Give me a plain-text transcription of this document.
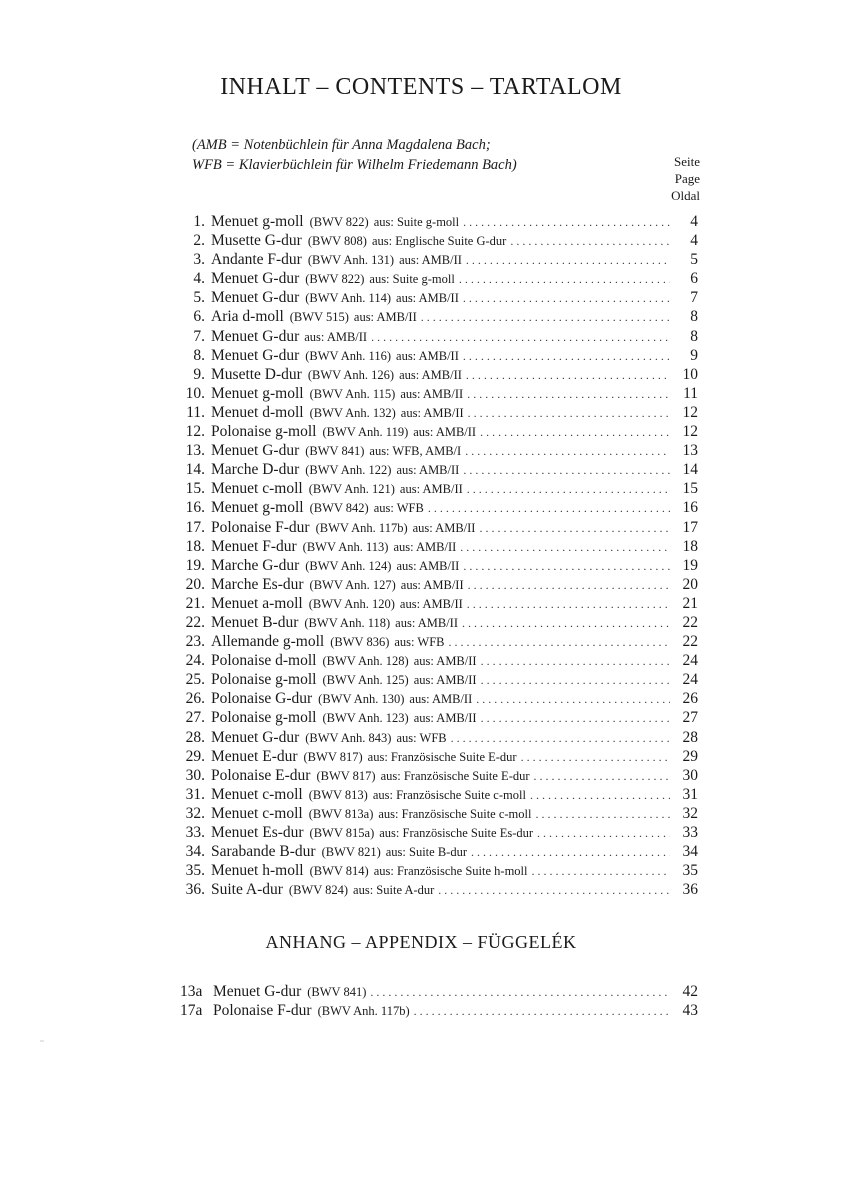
INHALT – CONTENTS – TARTALOM
(AMB = Notenbüchlein für Anna Magdalena Bach;
WFB = Klavierbüchlein für Wilhelm Friedemann Bach)	Seite
Page
Oldal
1. Menuet g-moll (BWV 822) aus: Suite g-moll .....	4
2. Musette G-dur (BWV 808) aus: Englische Suite G-dur .....	4
3. Andante F-dur (BWV Anh. 131) aus: AMB/II .....	5
4. Menuet G-dur (BWV 822) aus: Suite g-moll .....	6
5. Menuet G-dur (BWV Anh. 114) aus: AMB/II .....	7
6. Aria d-moll (BWV 515) aus: AMB/II .....	8
7. Menuet G-dur aus: AMB/II .....	8
8. Menuet G-dur (BWV Anh. 116) aus: AMB/II .....	9
9. Musette D-dur (BWV Anh. 126) aus: AMB/II .....	10
10. Menuet g-moll (BWV Anh. 115) aus: AMB/II .....	11
11. Menuet d-moll (BWV Anh. 132) aus: AMB/II .....	12
12. Polonaise g-moll (BWV Anh. 119) aus: AMB/II .....	12
13. Menuet G-dur (BWV 841) aus: WFB, AMB/I .....	13
14. Marche D-dur (BWV Anh. 122) aus: AMB/II .....	14
15. Menuet c-moll (BWV Anh. 121) aus: AMB/II .....	15
16. Menuet g-moll (BWV 842) aus: WFB .....	16
17. Polonaise F-dur (BWV Anh. 117b) aus: AMB/II .....	17
18. Menuet F-dur (BWV Anh. 113) aus: AMB/II .....	18
19. Marche G-dur (BWV Anh. 124) aus: AMB/II .....	19
20. Marche Es-dur (BWV Anh. 127) aus: AMB/II .....	20
21. Menuet a-moll (BWV Anh. 120) aus: AMB/II .....	21
22. Menuet B-dur (BWV Anh. 118) aus: AMB/II .....	22
23. Allemande g-moll (BWV 836) aus: WFB .....	22
24. Polonaise d-moll (BWV Anh. 128) aus: AMB/II .....	24
25. Polonaise g-moll (BWV Anh. 125) aus: AMB/II .....	24
26. Polonaise G-dur (BWV Anh. 130) aus: AMB/II .....	26
27. Polonaise g-moll (BWV Anh. 123) aus: AMB/II .....	27
28. Menuet G-dur (BWV Anh. 843) aus: WFB .....	28
29. Menuet E-dur (BWV 817) aus: Französische Suite E-dur .....	29
30. Polonaise E-dur (BWV 817) aus: Französische Suite E-dur .....	30
31. Menuet c-moll (BWV 813) aus: Französische Suite c-moll .....	31
32. Menuet c-moll (BWV 813a) aus: Französische Suite c-moll .....	32
33. Menuet Es-dur (BWV 815a) aus: Französische Suite Es-dur .....	33
34. Sarabande B-dur (BWV 821) aus: Suite B-dur .....	34
35. Menuet h-moll (BWV 814) aus: Französische Suite h-moll .....	35
36. Suite A-dur (BWV 824) aus: Suite A-dur .....	36
ANHANG – APPENDIX – FÜGGELÉK
13a Menuet G-dur (BWV 841) .....	42
17a Polonaise F-dur (BWV Anh. 117b) .....	43
